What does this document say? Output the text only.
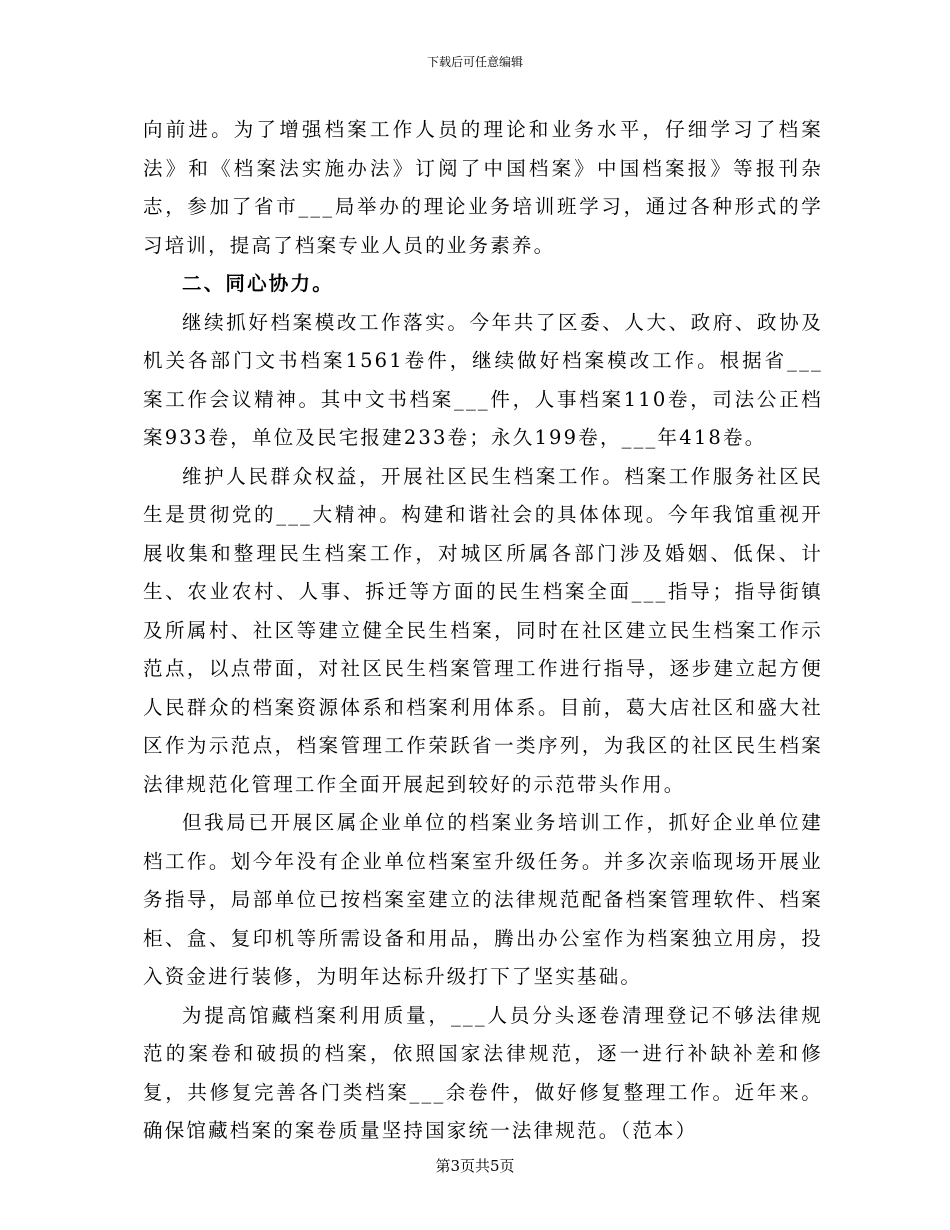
下载后可任意编辑

向前进。为了增强档案工作人员的理论和业务水平，仔细学习了档案法》和《档案法实施办法》订阅了中国档案》中国档案报》等报刊杂志，参加了省市___局举办的理论业务培训班学习，通过各种形式的学习培训，提高了档案专业人员的业务素养。

二、同心协力。

继续抓好档案模改工作落实。今年共了区委、人大、政府、政协及机关各部门文书档案1561卷件，继续做好档案模改工作。根据省___案工作会议精神。其中文书档案___件，人事档案110卷，司法公正档案933卷，单位及民宅报建233卷；永久199卷，___年418卷。

维护人民群众权益，开展社区民生档案工作。档案工作服务社区民生是贯彻党的___大精神。构建和谐社会的具体体现。今年我馆重视开展收集和整理民生档案工作，对城区所属各部门涉及婚姻、低保、计生、农业农村、人事、拆迁等方面的民生档案全面___指导；指导街镇及所属村、社区等建立健全民生档案，同时在社区建立民生档案工作示范点，以点带面，对社区民生档案管理工作进行指导，逐步建立起方便人民群众的档案资源体系和档案利用体系。目前，葛大店社区和盛大社区作为示范点，档案管理工作荣跃省一类序列，为我区的社区民生档案法律规范化管理工作全面开展起到较好的示范带头作用。

但我局已开展区属企业单位的档案业务培训工作，抓好企业单位建档工作。划今年没有企业单位档案室升级任务。并多次亲临现场开展业务指导，局部单位已按档案室建立的法律规范配备档案管理软件、档案柜、盒、复印机等所需设备和用品，腾出办公室作为档案独立用房，投入资金进行装修，为明年达标升级打下了坚实基础。

为提高馆藏档案利用质量，___人员分头逐卷清理登记不够法律规范的案卷和破损的档案，依照国家法律规范，逐一进行补缺补差和修复，共修复完善各门类档案___余卷件，做好修复整理工作。近年来。确保馆藏档案的案卷质量坚持国家统一法律规范。（范本）

第3页共5页
